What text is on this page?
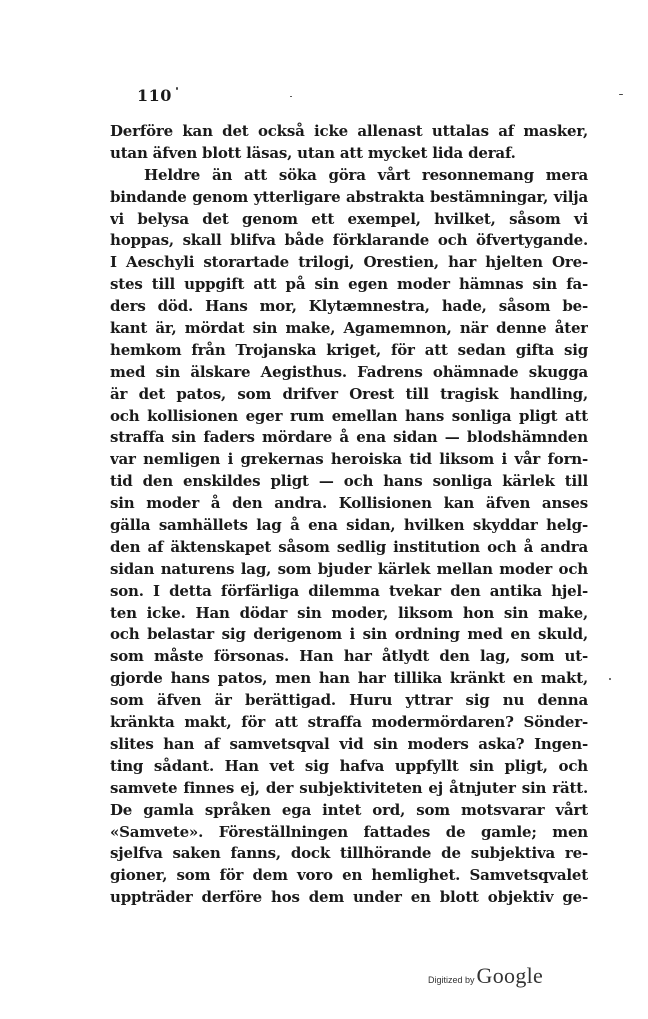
110
Derföre kan det också icke allenast uttalas af masker,
utan äfven blott läsas, utan att mycket lida deraf.
Heldre än att söka göra vårt resonnemang mera
bindande genom ytterligare abstrakta bestämningar, vilja
vi belysa det genom ett exempel, hvilket, såsom vi
hoppas, skall blifva både förklarande och öfvertygande.
I Aeschyli storartade trilogi, Orestien, har hjelten Ore-
stes till uppgift att på sin egen moder hämnas sin fa-
ders död. Hans mor, Klytæmnestra, hade, såsom be-
kant är, mördat sin make, Agamemnon, när denne åter
hemkom från Trojanska kriget, för att sedan gifta sig
med sin älskare Aegisthus. Fadrens ohämnade skugga
är det patos, som drifver Orest till tragisk handling,
och kollisionen eger rum emellan hans sonliga pligt att
straffa sin faders mördare å ena sidan — blodshämnden
var nemligen i grekernas heroiska tid liksom i vår forn-
tid den enskildes pligt — och hans sonliga kärlek till
sin moder å den andra. Kollisionen kan äfven anses
gälla samhällets lag å ena sidan, hvilken skyddar helg-
den af äktenskapet såsom sedlig institution och å andra
sidan naturens lag, som bjuder kärlek mellan moder och
son. I detta förfärliga dilemma tvekar den antika hjel-
ten icke. Han dödar sin moder, liksom hon sin make,
och belastar sig derigenom i sin ordning med en skuld,
som måste försonas. Han har åtlydt den lag, som ut-
gjorde hans patos, men han har tillika kränkt en makt,
som äfven är berättigad. Huru yttrar sig nu denna
kränkta makt, för att straffa modermördaren? Sönder-
slites han af samvetsqval vid sin moders aska? Ingen-
ting sådant. Han vet sig hafva uppfyllt sin pligt, och
samvete finnes ej, der subjektiviteten ej åtnjuter sin rätt.
De gamla språken ega intet ord, som motsvarar vårt
«Samvete». Föreställningen fattades de gamle; men
sjelfva saken fanns, dock tillhörande de subjektiva re-
gioner, som för dem voro en hemlighet. Samvetsqvalet
uppträder derföre hos dem under en blott objektiv ge-
Digitized by Google
